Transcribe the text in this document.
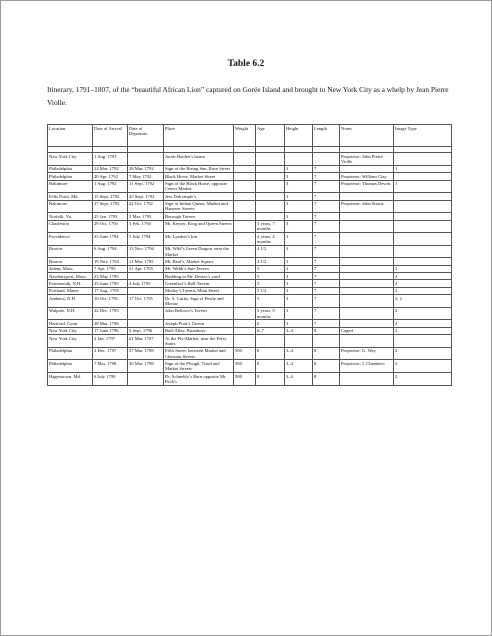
Table 6.2
Itinerary, 1791–1807, of the “beautiful African Lion” captured on Gorée Island and brought to New York City as a whelp by Jean Pierre Violle.
Location	Date of Arrival	Date of Departure	Place	Weight	Age	Height	Length	Notes	Image Type

New York City	1 Aug. 1791		Jacob Harden’s house					Proprietor: John Pierre Violle	
Philadelphia	22 Mar. 1792	28 Mar. 1792	Sign of the Rising Sun, Race Street			3	7		1
Philadelphia	20 Apr. 1792	7 May 1792	Black Horse, Market Street			3	7	Proprietor: William Clay	
Baltimore	1 Aug. 1792	11 Sept. 1792	Sign of the Black Horse, opposite Center Market			3	7	Proprietor: Thomas Dewitt	1
Fells Point, Md.	15 Sept. 1792	25 Sept. 1792	Jess Dalrymple’s			3	7		
Baltimore	27 Sept. 1792	22 Oct. 1792	Sign of Indian Queen, Market and Hanover Streets			3	7	Proprietor: John Starck	
Norfolk, Va.	25 Jan. 1793	3 Mar. 1793	Borough Tavern			3	7		
Charleston	29 Oct. 1793	3 Feb. 1794	Mr. Keyser, King and Queen Streets		3 years, 7 months	3	7		
Providence	23 June 1794	5 July 1794	Mr. Lyndon’s Inn		4 years, 4 months	3	7		
Boston	6 Aug. 1794	13 Nov. 1794	Mr. Wild’s Green Dragon, near the Market		4 1/2	3	7		
Boston	19 Nov. 1794	11 Mar. 1795	Mr. Beal’s, Market Square		4 1/2	3	7		
Salem, Mass.	7 Apr. 1795	21 Apr. 1795	Mr. Webb’s Sun-Tavern		5	3	7		2
Newburyport, Mass.	23 May 1795		Building in Mr. Dexter’s yard		5	3	7		2
Portsmouth, N.H.	23 June 1795	4 July 1795	Greenleaf’s Ball-Tavern		5	3	7		2
Portland, Maine	17 Aug. 1795		Motley’s Tavern, Main Street		5 1/2	3	7		2
Amherst, N.H.	10 Oct. 1795	17 Oct. 1795	Dr. S. Curtis, Sign of Pestle and Mortar		5	3	7		3, 2
Walpole, N.H.	22 Dec. 1795		John Bellows’s Tavern		5 years, 9 months	3	7		2
Hartford, Conn.	28 Mar. 1796		Joseph Pratt’s Tavern		6	3	7		2
New York City	17 June 1796	2 Sept. 1796	Bull-Alley, Broadway		6–7	3–4	8	Caged	2
New York City	2 Jan. 1797	22 Mar. 1797	At the Fly-Market, near the Ferry Stairs						
Philadelphia	2 Dec. 1797	27 Mar. 1798	Fifth Street, between Market and Chestnut Streets	500	8	3–4	8	Proprietor: G. Way	2
Philadelphia	7 Mar. 1798	30 Mar. 1798	Sign of the Plough, Third and Market Streets	500	8	3–4	8	Proprietor: J. Chambers	2
Hagerstown, Md.	6 July 1798		Dr. Schnebly’s Barn opposite Mr. Peck’s	500	8	3–4	8		2
